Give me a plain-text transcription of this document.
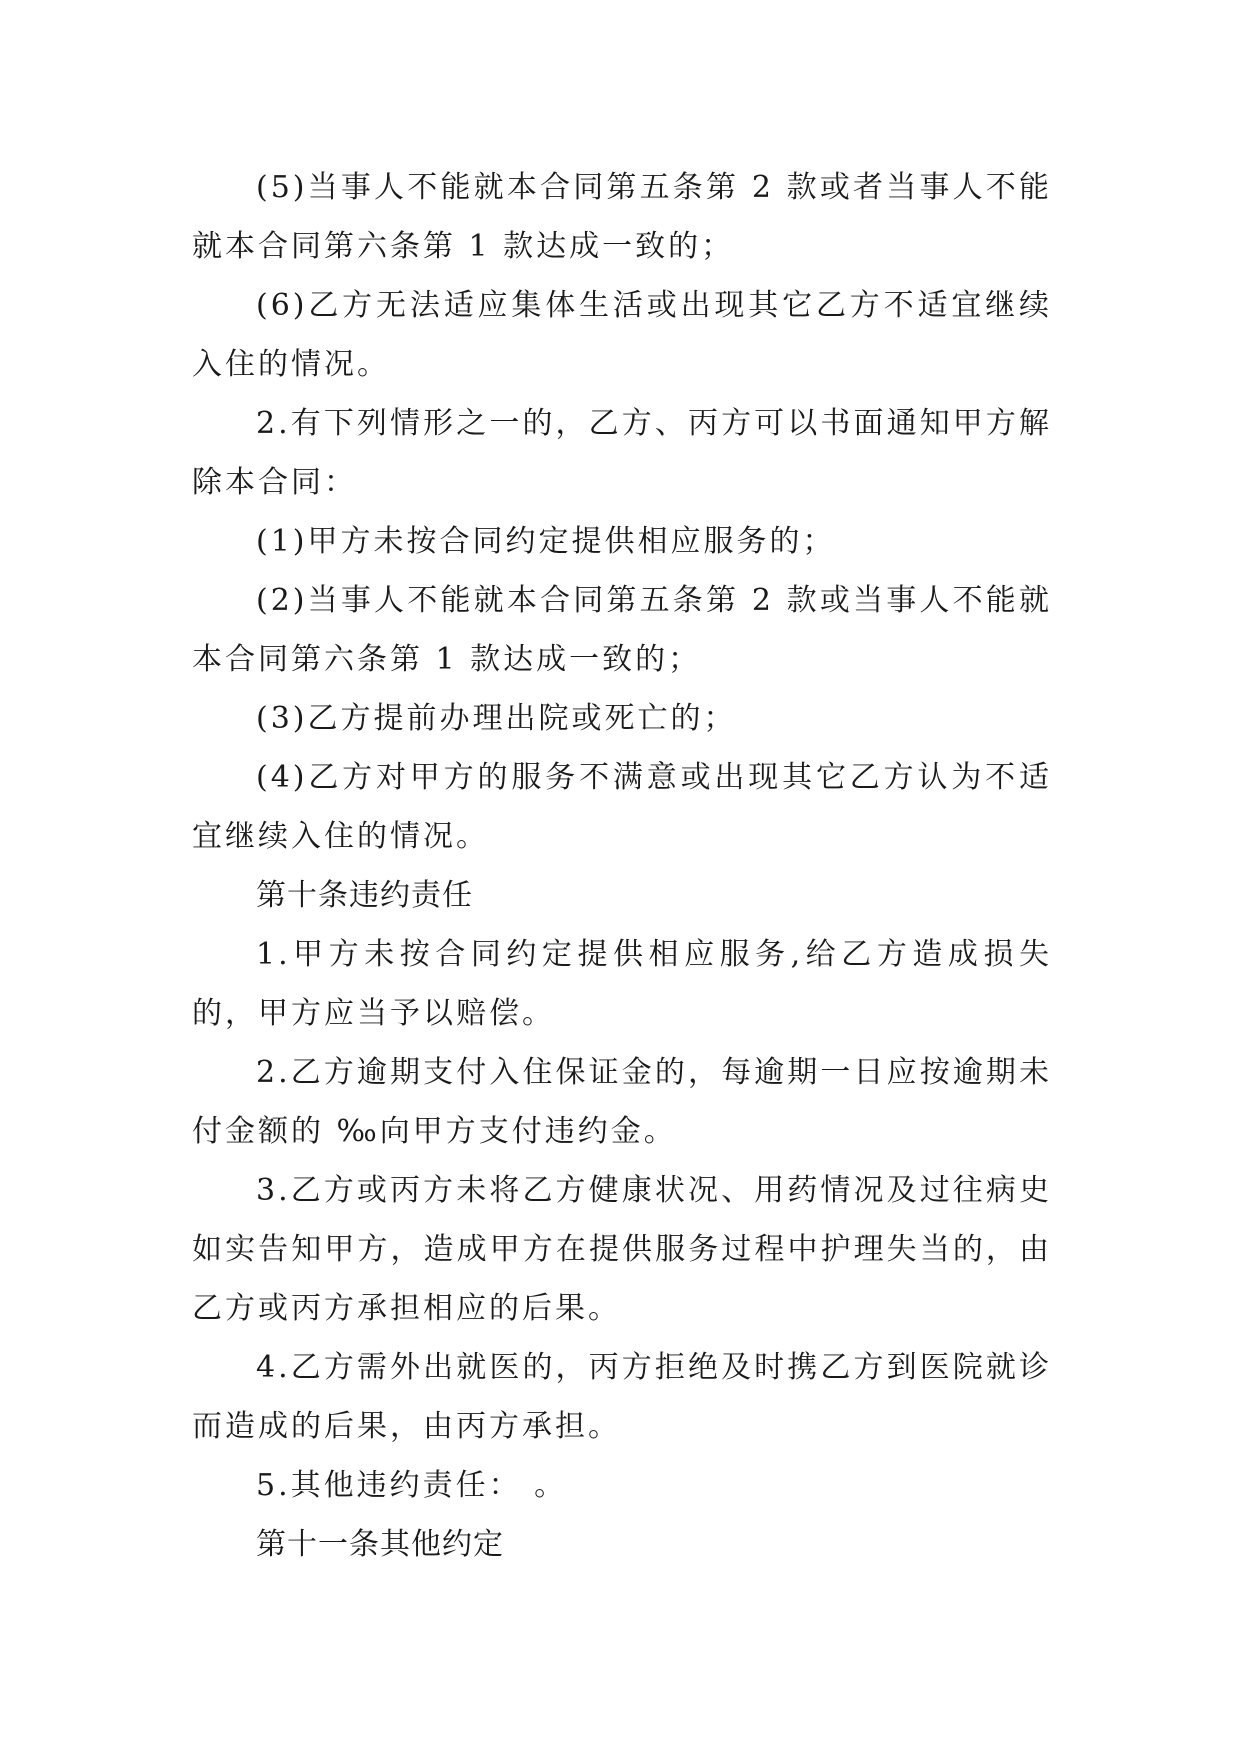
(5)当事人不能就本合同第五条第 2 款或者当事人不能就本合同第六条第 1 款达成一致的；

(6)乙方无法适应集体生活或出现其它乙方不适宜继续入住的情况。

2.有下列情形之一的，乙方、丙方可以书面通知甲方解除本合同：

(1)甲方未按合同约定提供相应服务的；

(2)当事人不能就本合同第五条第 2 款或当事人不能就本合同第六条第 1 款达成一致的；

(3)乙方提前办理出院或死亡的；

(4)乙方对甲方的服务不满意或出现其它乙方认为不适宜继续入住的情况。

第十条违约责任

1.甲方未按合同约定提供相应服务,给乙方造成损失的，甲方应当予以赔偿。

2.乙方逾期支付入住保证金的，每逾期一日应按逾期未付金额的 ‰向甲方支付违约金。

3.乙方或丙方未将乙方健康状况、用药情况及过往病史如实告知甲方，造成甲方在提供服务过程中护理失当的，由乙方或丙方承担相应的后果。

4.乙方需外出就医的，丙方拒绝及时携乙方到医院就诊而造成的后果，由丙方承担。

5.其他违约责任： 。

第十一条其他约定
